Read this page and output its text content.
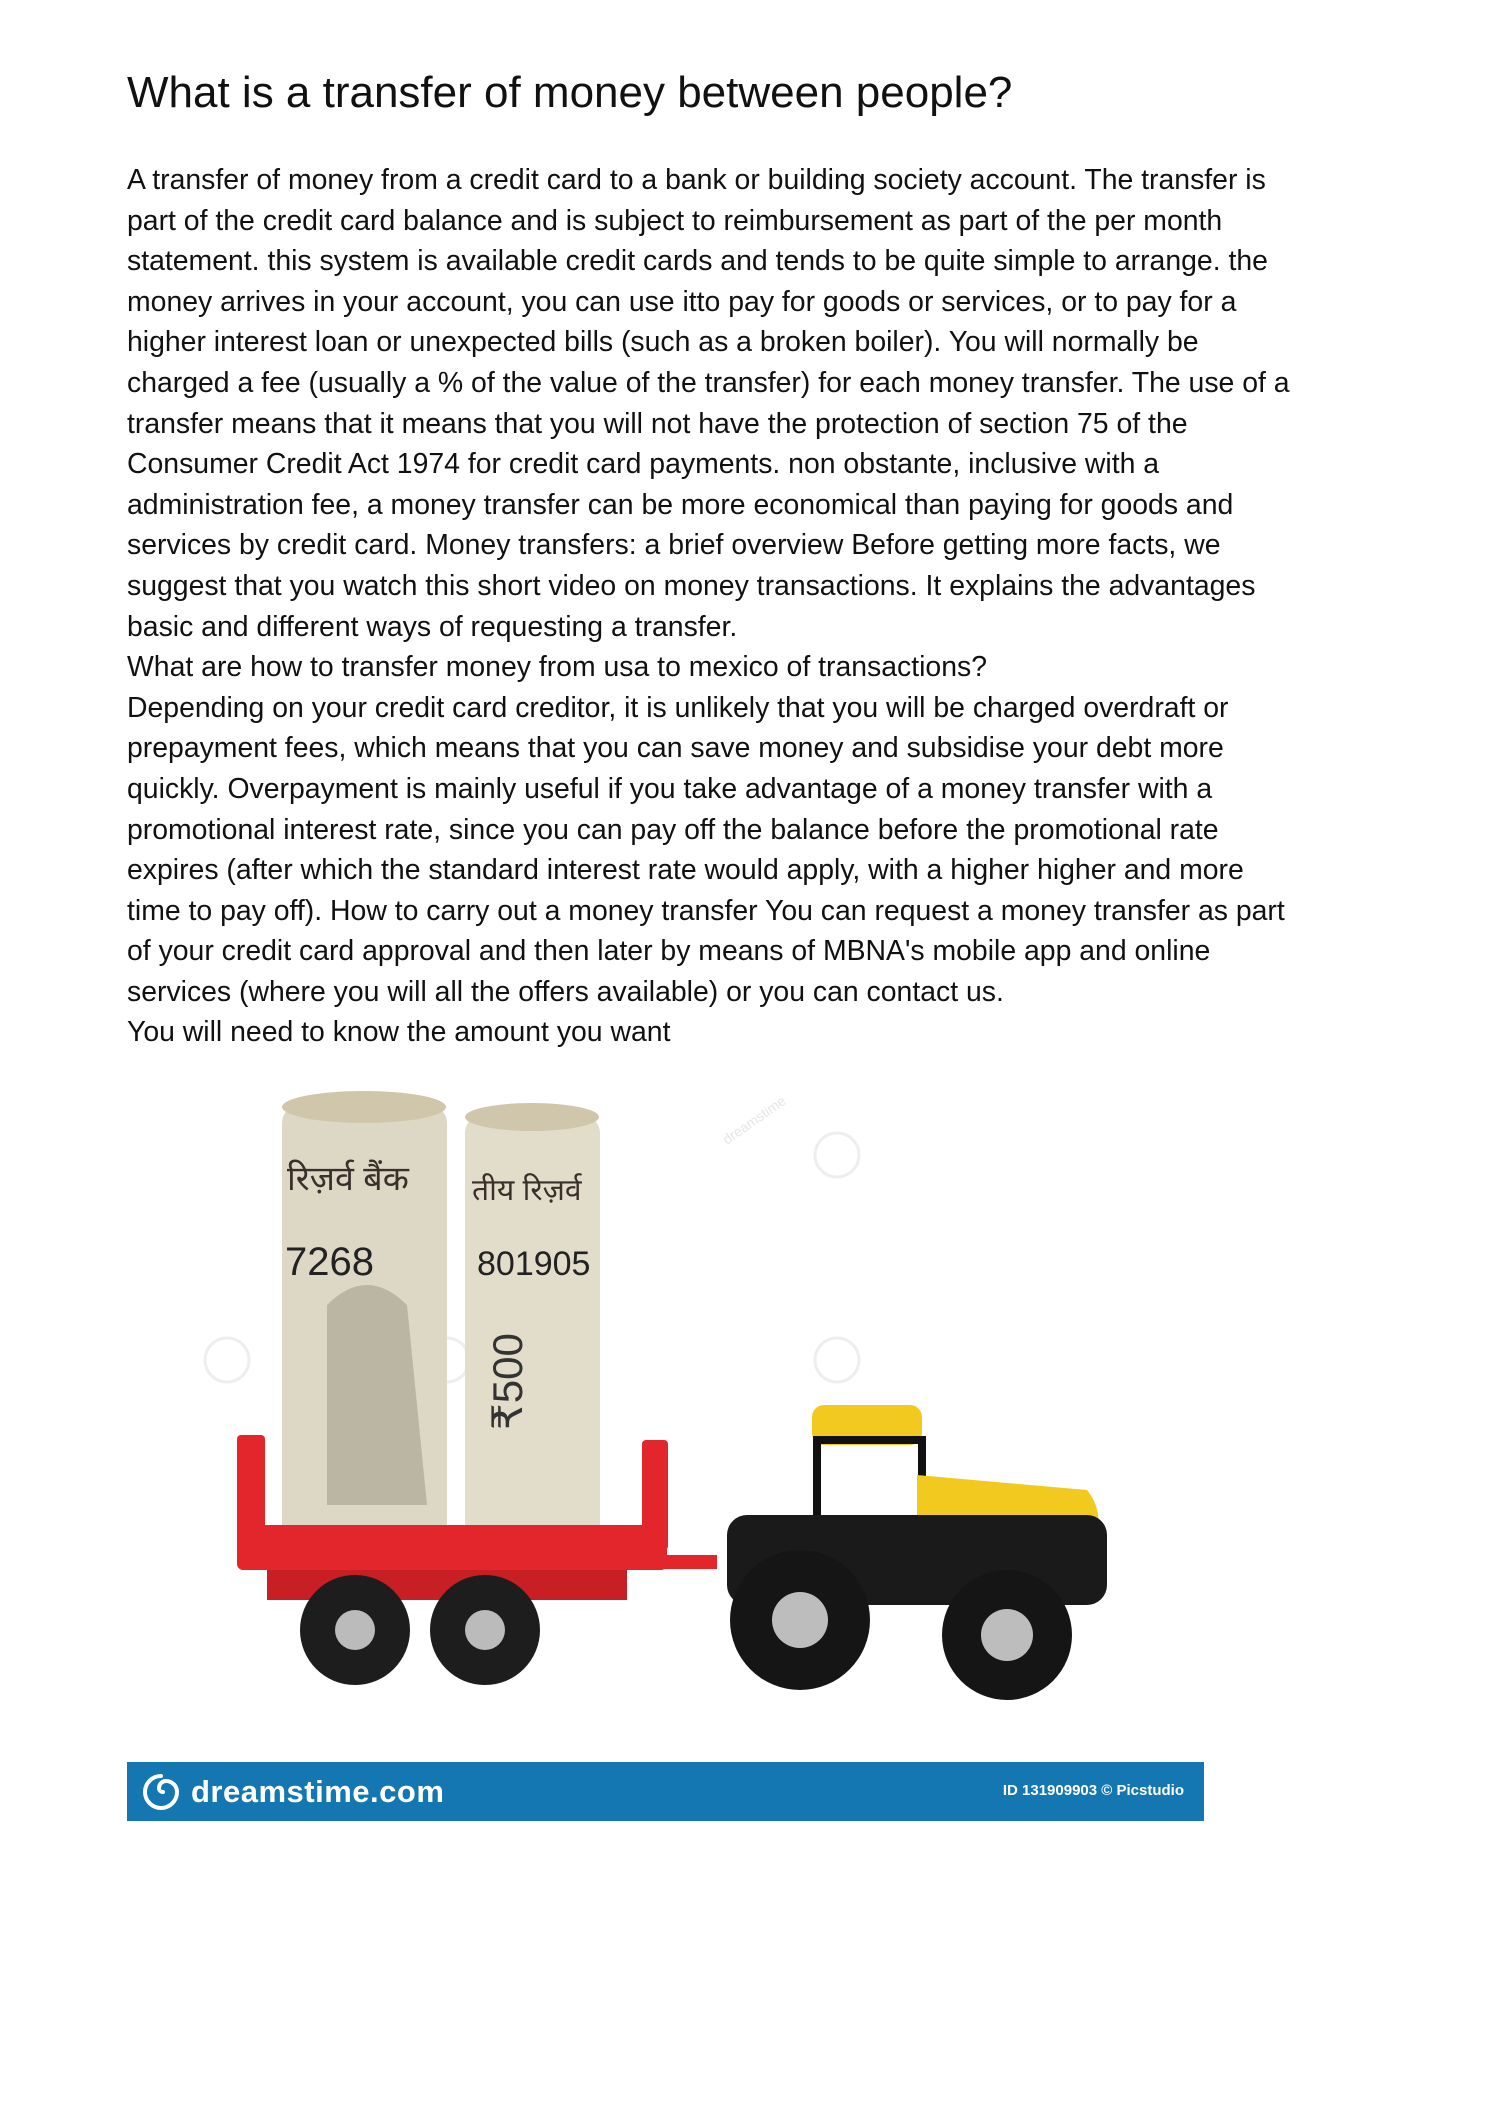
What is a transfer of money between people?
A transfer of money from a credit card to a bank or building society account. The transfer is
part of the credit card balance and is subject to reimbursement as part of the per month
statement. this system is available credit cards and tends to be quite simple to arrange. the
money arrives in your account, you can use itto pay for goods or services, or to pay for a
higher interest loan or unexpected bills (such as a broken boiler). You will normally be
charged a fee (usually a % of the value of the transfer) for each money transfer. The use of a
transfer means that it means that you will not have the protection of section 75 of the
Consumer Credit Act 1974 for credit card payments. non obstante, inclusive with a
administration fee, a money transfer can be more economical than paying for goods and
services by credit card. Money transfers: a brief overview Before getting more facts, we
suggest that you watch this short video on money transactions. It explains the advantages
basic and different ways of requesting a transfer.
What are how to transfer money from usa to mexico of transactions?
Depending on your credit card creditor, it is unlikely that you will be charged overdraft or
prepayment fees, which means that you can save money and subsidise your debt more
quickly. Overpayment is mainly useful if you take advantage of a money transfer with a
promotional interest rate, since you can pay off the balance before the promotional rate
expires (after which the standard interest rate would apply, with a higher higher and more
time to pay off). How to carry out a money transfer You can request a money transfer as part
of your credit card approval and then later by means of MBNA's mobile app and online
services (where you will all the offers available) or you can contact us.
You will need to know the amount you want
रिज़र्व बैंक
7268
तीय रिज़र्व
801905
₹500
dreamstime
dreamstime.com	ID 131909903 © Picstudio
